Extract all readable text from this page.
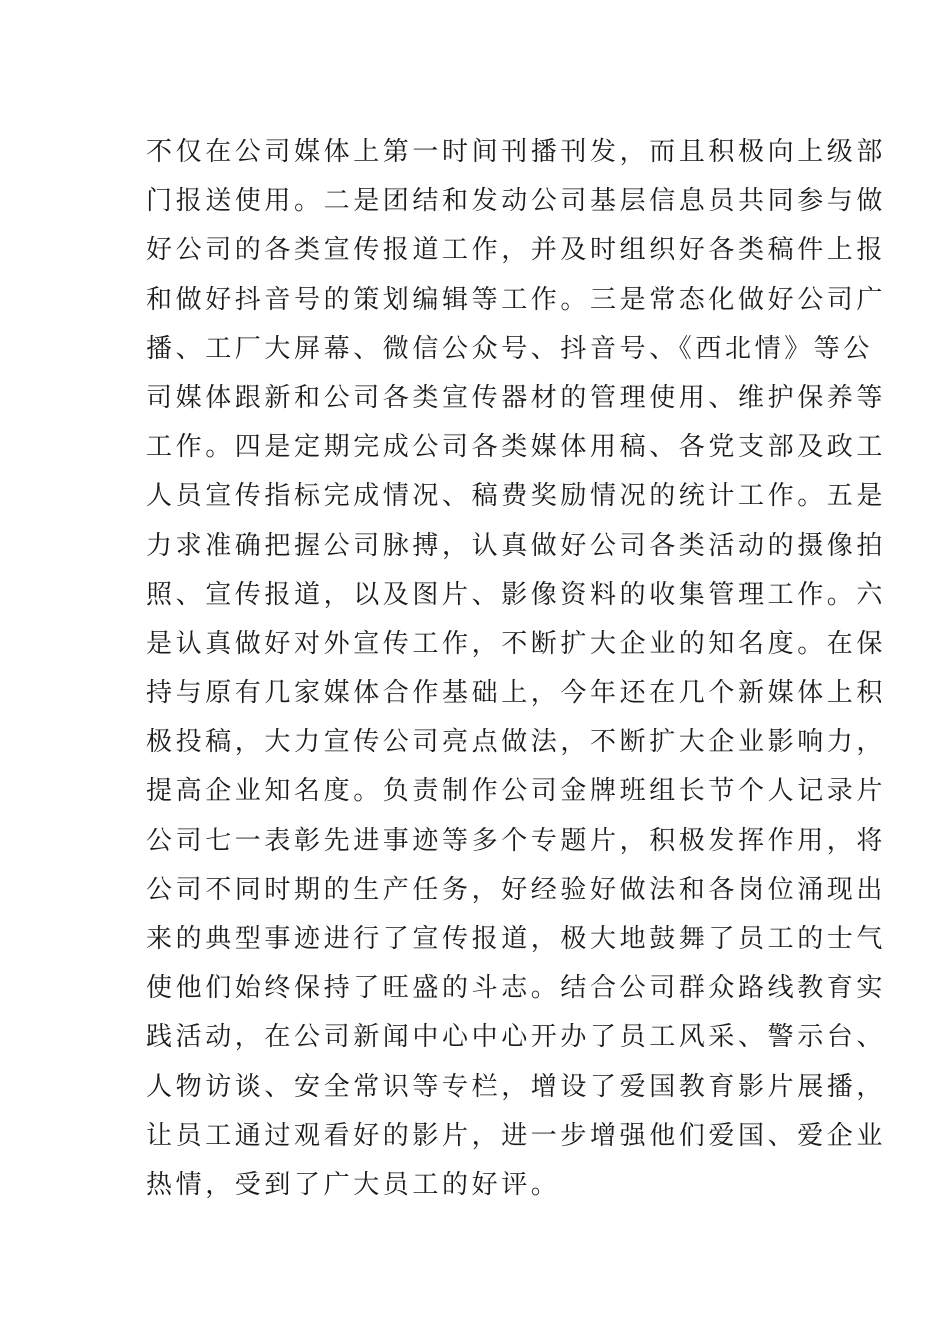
不仅在公司媒体上第一时间刊播刊发，而且积极向上级部
门报送使用。二是团结和发动公司基层信息员共同参与做
好公司的各类宣传报道工作，并及时组织好各类稿件上报
和做好抖音号的策划编辑等工作。三是常态化做好公司广
播、工厂大屏幕、微信公众号、抖音号、《西北情》等公
司媒体跟新和公司各类宣传器材的管理使用、维护保养等
工作。四是定期完成公司各类媒体用稿、各党支部及政工
人员宣传指标完成情况、稿费奖励情况的统计工作。五是
力求准确把握公司脉搏，认真做好公司各类活动的摄像拍
照、宣传报道，以及图片、影像资料的收集管理工作。六
是认真做好对外宣传工作，不断扩大企业的知名度。在保
持与原有几家媒体合作基础上，今年还在几个新媒体上积
极投稿，大力宣传公司亮点做法，不断扩大企业影响力，
提高企业知名度。负责制作公司金牌班组长节个人记录片
公司七一表彰先进事迹等多个专题片，积极发挥作用，将
公司不同时期的生产任务，好经验好做法和各岗位涌现出
来的典型事迹进行了宣传报道，极大地鼓舞了员工的士气
使他们始终保持了旺盛的斗志。结合公司群众路线教育实
践活动，在公司新闻中心中心开办了员工风采、警示台、
人物访谈、安全常识等专栏，增设了爱国教育影片展播，
让员工通过观看好的影片，进一步增强他们爱国、爱企业
热情，受到了广大员工的好评。
